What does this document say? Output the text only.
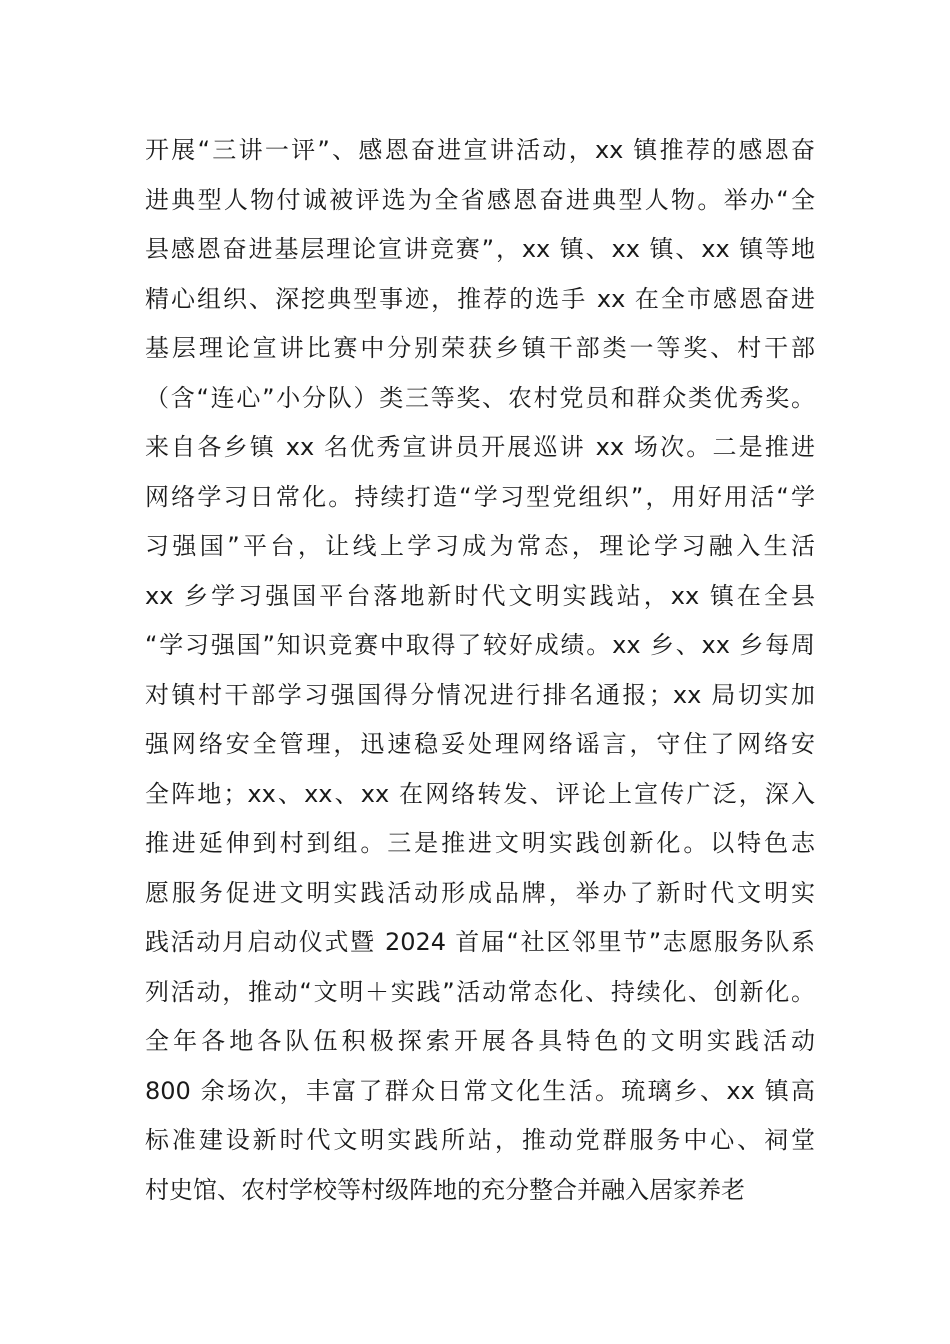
开展“三讲一评”、感恩奋进宣讲活动，xx 镇推荐的感恩奋
进典型人物付诚被评选为全省感恩奋进典型人物。举办“全
县感恩奋进基层理论宣讲竞赛”，xx 镇、xx 镇、xx 镇等地
精心组织、深挖典型事迹，推荐的选手 xx 在全市感恩奋进
基层理论宣讲比赛中分别荣获乡镇干部类一等奖、村干部
（含“连心”小分队）类三等奖、农村党员和群众类优秀奖。
来自各乡镇 xx 名优秀宣讲员开展巡讲 xx 场次。二是推进
网络学习日常化。持续打造“学习型党组织”，用好用活“学
习强国”平台，让线上学习成为常态，理论学习融入生活
xx 乡学习强国平台落地新时代文明实践站，xx 镇在全县
“学习强国”知识竞赛中取得了较好成绩。xx 乡、xx 乡每周
对镇村干部学习强国得分情况进行排名通报；xx 局切实加
强网络安全管理，迅速稳妥处理网络谣言，守住了网络安
全阵地；xx、xx、xx 在网络转发、评论上宣传广泛，深入
推进延伸到村到组。三是推进文明实践创新化。以特色志
愿服务促进文明实践活动形成品牌，举办了新时代文明实
践活动月启动仪式暨 2024 首届“社区邻里节”志愿服务队系
列活动，推动“文明＋实践”活动常态化、持续化、创新化。
全年各地各队伍积极探索开展各具特色的文明实践活动
800 余场次，丰富了群众日常文化生活。琉璃乡、xx 镇高
标准建设新时代文明实践所站，推动党群服务中心、祠堂
村史馆、农村学校等村级阵地的充分整合并融入居家养老
